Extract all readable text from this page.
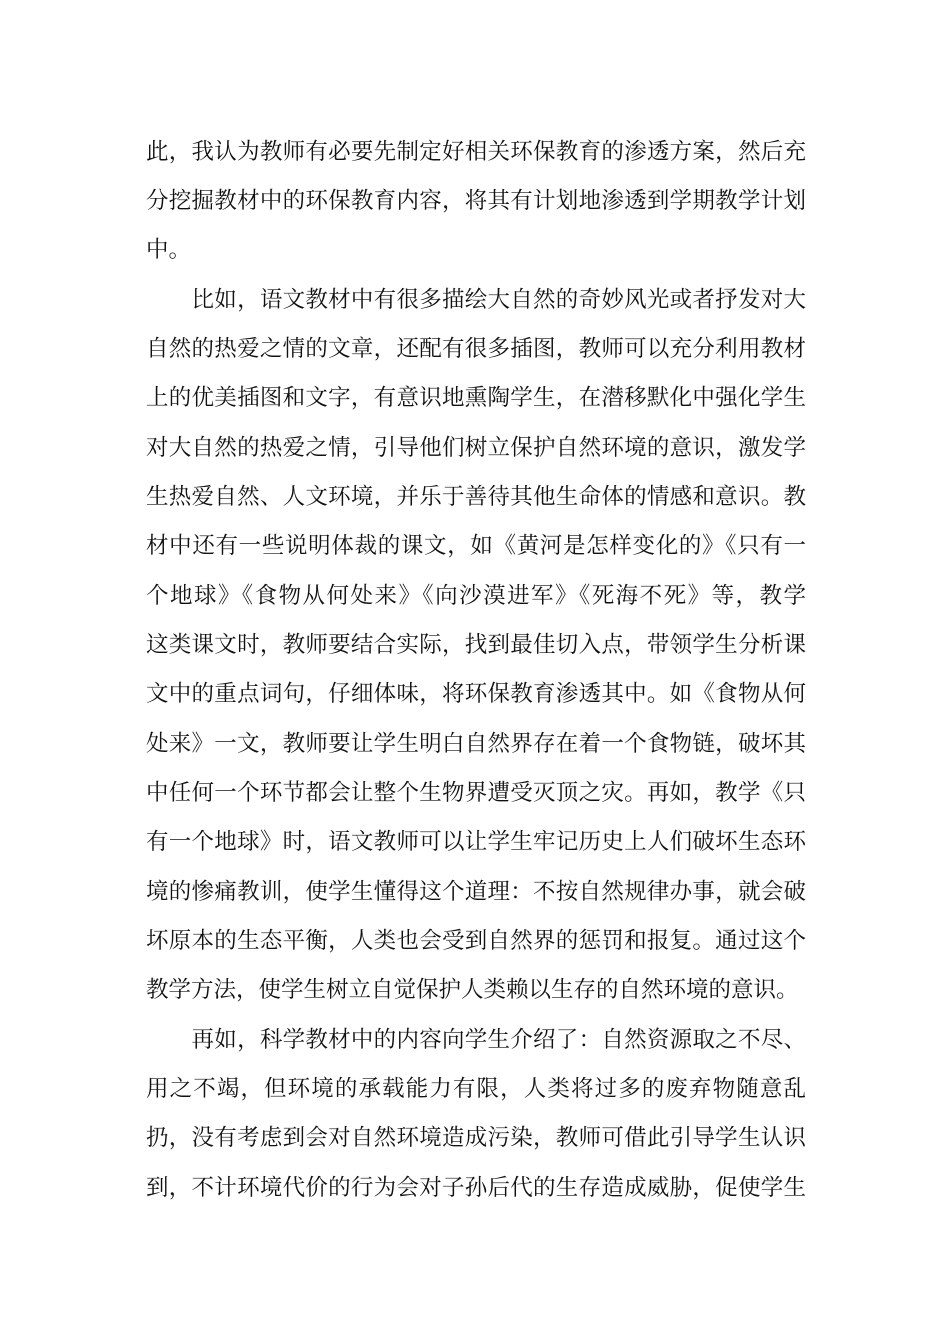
此，我认为教师有必要先制定好相关环保教育的渗透方案，然后充
分挖掘教材中的环保教育内容，将其有计划地渗透到学期教学计划
中。
　　比如，语文教材中有很多描绘大自然的奇妙风光或者抒发对大
自然的热爱之情的文章，还配有很多插图，教师可以充分利用教材
上的优美插图和文字，有意识地熏陶学生，在潜移默化中强化学生
对大自然的热爱之情，引导他们树立保护自然环境的意识，激发学
生热爱自然、人文环境，并乐于善待其他生命体的情感和意识。教
材中还有一些说明体裁的课文，如《黄河是怎样变化的》《只有一
个地球》《食物从何处来》《向沙漠进军》《死海不死》等，教学
这类课文时，教师要结合实际，找到最佳切入点，带领学生分析课
文中的重点词句，仔细体味，将环保教育渗透其中。如《食物从何
处来》一文，教师要让学生明白自然界存在着一个食物链，破坏其
中任何一个环节都会让整个生物界遭受灭顶之灾。再如，教学《只
有一个地球》时，语文教师可以让学生牢记历史上人们破坏生态环
境的惨痛教训，使学生懂得这个道理：不按自然规律办事，就会破
坏原本的生态平衡，人类也会受到自然界的惩罚和报复。通过这个
教学方法，使学生树立自觉保护人类赖以生存的自然环境的意识。
　　再如，科学教材中的内容向学生介绍了：自然资源取之不尽、
用之不竭，但环境的承载能力有限，人类将过多的废弃物随意乱
扔，没有考虑到会对自然环境造成污染，教师可借此引导学生认识
到，不计环境代价的行为会对子孙后代的生存造成威胁，促使学生
